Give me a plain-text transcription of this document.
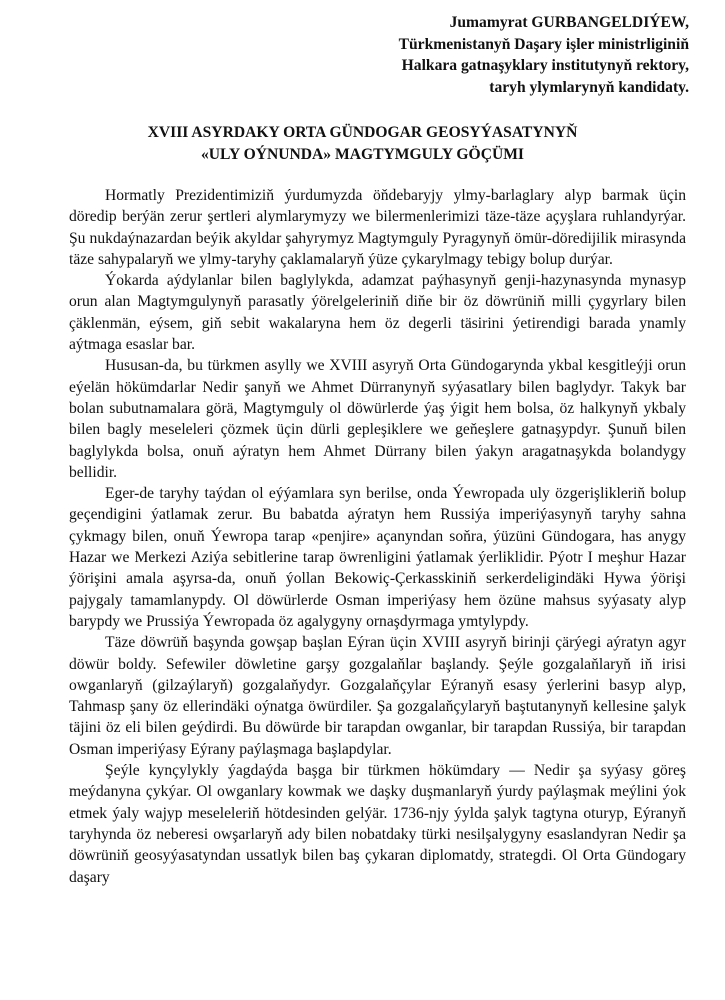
Jumamyrat GURBANGELDIÝEW,
Türkmenistanyň Daşary işler ministrliginiň
Halkara gatnaşyklary institutynyň rektory,
taryh ylymlarynyň kandidaty.
XVIII ASYRDAKY ORTA GÜNDOGAR GEOSYÝASATYNYŇ
«ULY OÝNUNDA» MAGTYMGULY GÖÇÜMI

Hormatly Prezidentimiziň ýurdumyzda öňdebaryjy ylmy-barlaglary alyp barmak üçin döredip berýän zerur şertleri alymlarymyzy we bilermenlerimizi täze-täze açyşlara ruhlandyrýar. Şu nukdaýnazardan beýik akyldar şahyrymyz Magtymguly Pyragynyň ömür-döredijilik mirasynda täze sahypalaryň we ylmy-taryhy çaklamalaryň ýüze çykarylmagy tebigy bolup durýar.

Ýokarda aýdylanlar bilen baglylykda, adamzat paýhasynyň genji-hazynasynda mynasyp orun alan Magtymgulynyň parasatly ýörelgeleriniň diňe bir öz döwrüniň milli çygyrlary bilen çäklenmän, eýsem, giň sebit wakalaryna hem öz degerli täsirini ýetirendigi barada ynamly aýtmaga esaslar bar.

Hususan-da, bu türkmen asylly we XVIII asyryň Orta Gündogarynda ykbal kesgitleýji orun eýelän hökümdarlar Nedir şanyň we Ahmet Dürranynyň syýasatlary bilen baglydyr. Takyk bar bolan subutnamalara görä, Magtymguly ol döwürlerde ýaş ýigit hem bolsa, öz halkynyň ykbaly bilen bagly meseleleri çözmek üçin dürli gepleşiklere we geňeşlere gatnaşypdyr. Şunuň bilen baglylykda bolsa, onuň aýratyn hem Ahmet Dürrany bilen ýakyn aragatnaşykda bolandygy bellidir.

Eger-de taryhy taýdan ol eýýamlara syn berilse, onda Ýewropada uly özgerişlikleriň bolup geçendigini ýatlamak zerur. Bu babatda aýratyn hem Russiýa imperiýasynyň taryhy sahna çykmagy bilen, onuň Ýewropa tarap «penjire» açanyndan soňra, ýüzüni Gündogara, has anygy Hazar we Merkezi Aziýa sebitlerine tarap öwrenligini ýatlamak ýerliklidir. Pýotr I meşhur Hazar ýörişini amala aşyrsa-da, onuň ýollan Bekowiç-Çerkasskiniň serkerdeligindäki Hywa ýörişi pajygaly tamamlanypdy. Ol döwürlerde Osman imperiýasy hem özüne mahsus syýasaty alyp barypdy we Prussiýa Ýewropada öz agalygyny ornaşdyrmaga ymtylypdy.

Täze döwrüň başynda gowşap başlan Eýran üçin XVIII asyryň birinji çärýegi aýratyn agyr döwür boldy. Sefewiler döwletine garşy gozgalaňlar başlandy. Şeýle gozgalaňlaryň iň irisi owganlaryň (gilzaýlaryň) gozgalaňydyr. Gozgalaňçylar Eýranyň esasy ýerlerini basyp alyp, Tahmasp şany öz ellerindäki oýnatga öwürdiler. Şa gozgalaňçylaryň baştutanynyň kellesine şalyk täjini öz eli bilen geýdirdi. Bu döwürde bir tarapdan owganlar, bir tarapdan Russiýa, bir tarapdan Osman imperiýasy Eýrany paýlaşmaga başlapdylar.

Şeýle kynçylykly ýagdaýda başga bir türkmen hökümdary — Nedir şa syýasy göreş meýdanyna çykýar. Ol owganlary kowmak we daşky duşmanlaryň ýurdy paýlaşmak meýlini ýok etmek ýaly wajyp meseleleriň hötdesinden gelýär. 1736-njy ýylda şalyk tagtyna oturyp, Eýranyň taryhynda öz neberesi owşarlaryň ady bilen nobatdaky türki nesilşalygyny esaslandyran Nedir şa döwrüniň geosyýasatyndan ussatlyk bilen baş çykaran diplomatdy, strategdi. Ol Orta Gündogary daşary
